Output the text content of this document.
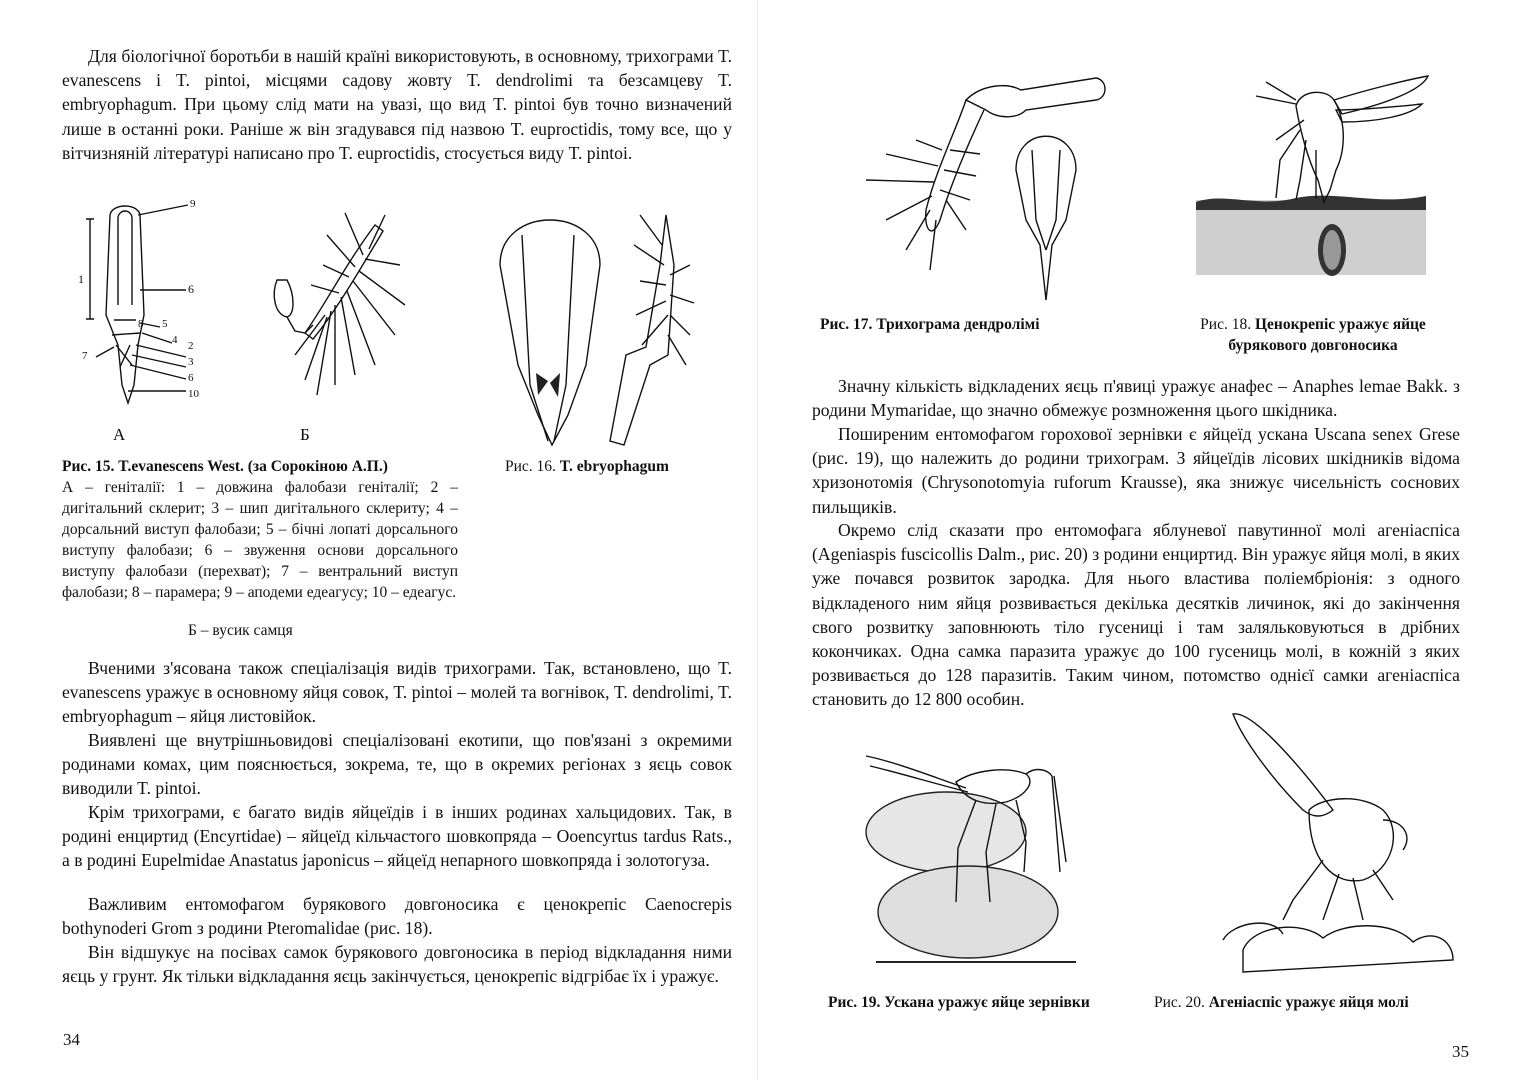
Для біологічної боротьби в нашій країні використовують, в основному, трихограми T. evanescens і T. pintoi, місцями садову жовту T. dendrolimi та безсамцеву T. embryophagum. При цьому слід мати на увазі, що вид T. pintoi був точно визначений лише в останні роки. Раніше ж він згадувався під назвою T. euproctidis, тому все, що у вітчизняній літературі написано про T. euproctidis, стосується виду T. pintoi.

9
1
6
5
4 2
7
8
3
6
10
А	Б
Рис. 15. T.evanescens West. (за Сорокіною А.П.)
А – геніталії: 1 – довжина фалобази геніталії; 2 – дигітальний склерит; 3 – шип дигітального склериту; 4 – дорсальний виступ фалобази; 5 – бічні лопаті дорсального виступу фалобази; 6 – звуження основи дорсального виступу фалобази (перехват); 7 – вентральний виступ фалобази; 8 – парамера; 9 – аподеми едеагусу; 10 – едеагус.
Б – вусик самця
Рис. 16. T. ebryophagum

Вченими з'ясована також спеціалізація видів трихограми. Так, встановлено, що T. evanescens уражує в основному яйця совок, T. pintoi – молей та вогнівок, T. dendrolimi, T. embryophagum – яйця листовійок.

Виявлені ще внутрішньовидові спеціалізовані екотипи, що пов'язані з окремими родинами комах, цим пояснюється, зокрема, те, що в окремих регіонах з яєць совок виводили T. pintoi.

Крім трихограми, є багато видів яйцеїдів і в інших родинах хальцидових. Так, в родині енциртид (Encyrtidae) – яйцеїд кільчастого шовкопряда – Ooencyrtus tardus Rats., а в родині Eupelmidae Anastatus japonicus – яйцеїд непарного шовкопряда і золотогуза.

Важливим ентомофагом бурякового довгоносика є ценокрепіс Caenocrepis bothynoderi Grom з родини Pteromalidae (рис. 18).

Він відшукує на посівах самок бурякового довгоносика в період відкладання ними яєць у грунт. Як тільки відкладання яєць закінчується, ценокрепіс відгрібає їх і уражує.

34
Рис. 17. Трихограма дендролімі	Рис. 18. Ценокрепіс уражує яйце бурякового довгоносика

Значну кількість відкладених яєць п'явиці уражує анафес – Anaphes lemae Bakk. з родини Mymaridae, що значно обмежує розмноження цього шкідника.

Поширеним ентомофагом горохової зернівки є яйцеїд ускана Uscana senex Grese (рис. 19), що належить до родини трихограм. З яйцеїдів лісових шкідників відома хризонотомія (Chrysonotomyia ruforum Krausse), яка знижує чисельність соснових пильщиків.

Окремо слід сказати про ентомофага яблуневої павутинної молі агеніаспіса (Ageniaspis fuscicollis Dalm., рис. 20) з родини енциртид. Він уражує яйця молі, в яких уже почався розвиток зародка. Для нього властива поліембріонія: з одного відкладеного ним яйця розвивається декілька десятків личинок, які до закінчення свого розвитку заповнюють тіло гусениці і там заляльковуються в дрібних кокончиках. Одна самка паразита уражує до 100 гусениць молі, в кожній з яких розвивається до 128 паразитів. Таким чином, потомство однієї самки агеніаспіса становить до 12 800 особин.

Рис. 19. Ускана уражує яйце зернівки	Рис. 20. Агеніаспіс уражує яйця молі
35
